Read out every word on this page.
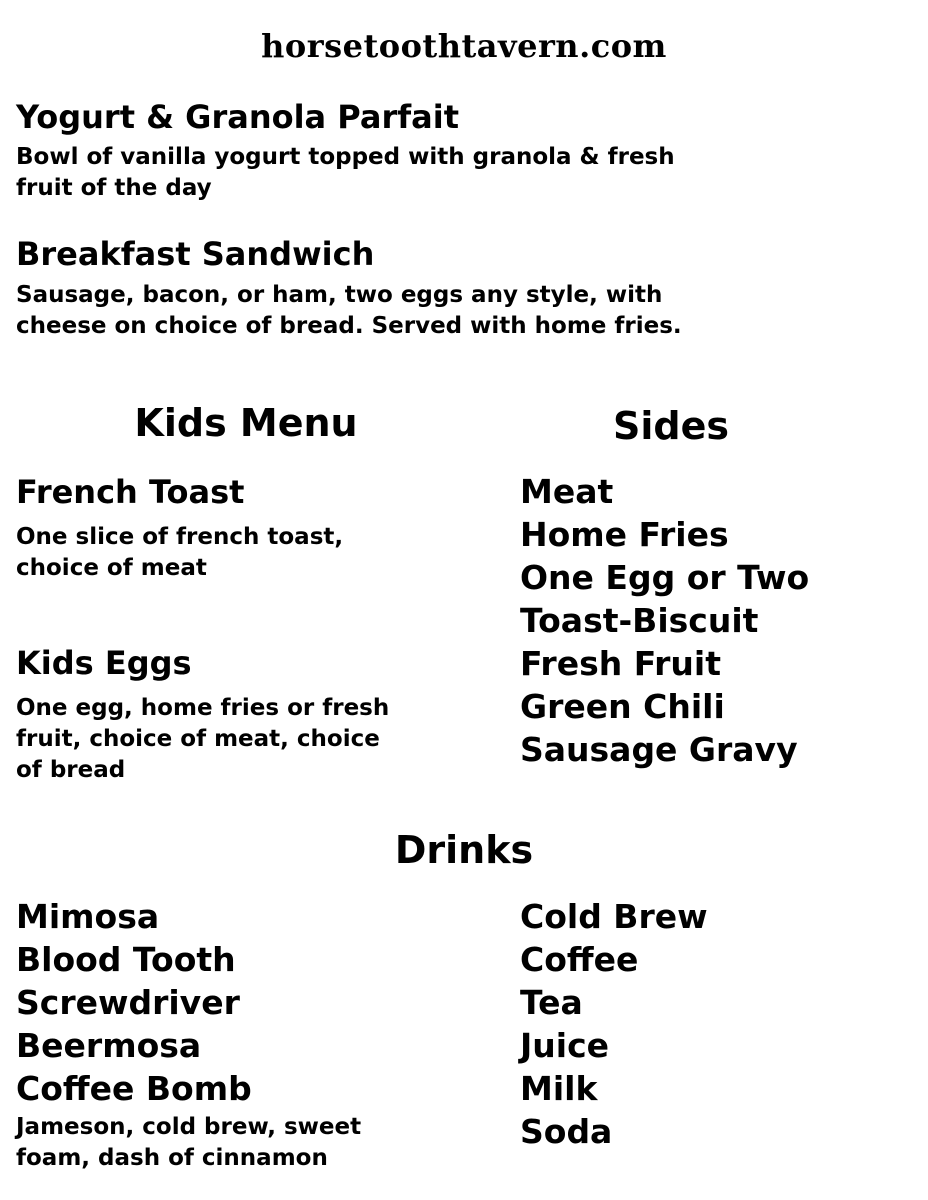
horsetoothtavern.com
Yogurt & Granola Parfait
Bowl of vanilla yogurt topped with granola & fresh
fruit of the day
Breakfast Sandwich
Sausage, bacon, or ham, two eggs any style, with
cheese on choice of bread. Served with home fries.
Kids Menu
French Toast
One slice of french toast,
choice of meat
Kids Eggs
One egg, home fries or fresh
fruit, choice of meat, choice
of bread
Sides
Meat
Home Fries
One Egg or Two
Toast-Biscuit
Fresh Fruit
Green Chili
Sausage Gravy
Drinks
Mimosa
Blood Tooth
Screwdriver
Beermosa
Coffee Bomb
Jameson, cold brew, sweet
foam, dash of cinnamon
Cold Brew
Coffee
Tea
Juice
Milk
Soda
